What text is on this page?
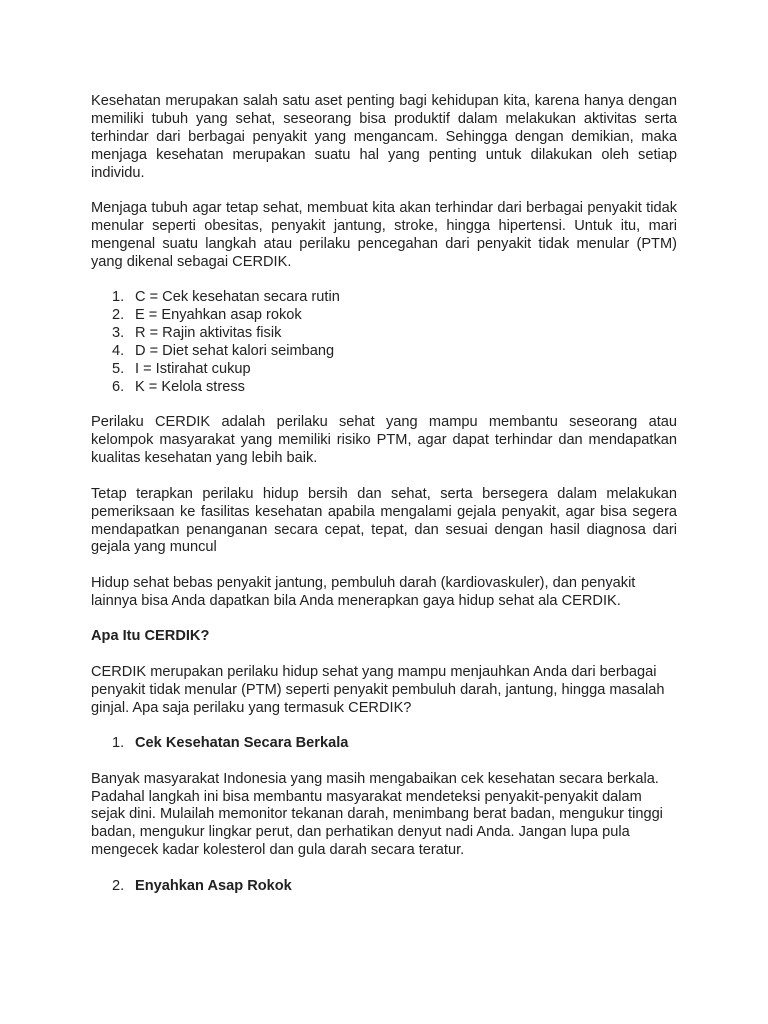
Kesehatan merupakan salah satu aset penting bagi kehidupan kita, karena hanya dengan memiliki tubuh yang sehat, seseorang bisa produktif dalam melakukan aktivitas serta terhindar dari berbagai penyakit yang mengancam. Sehingga dengan demikian, maka menjaga kesehatan merupakan suatu hal yang penting untuk dilakukan oleh setiap individu.

Menjaga tubuh agar tetap sehat, membuat kita akan terhindar dari berbagai penyakit tidak menular seperti obesitas, penyakit jantung, stroke, hingga hipertensi. Untuk itu, mari mengenal suatu langkah atau perilaku pencegahan dari penyakit tidak menular (PTM) yang dikenal sebagai CERDIK.

1. C = Cek kesehatan secara rutin
2. E = Enyahkan asap rokok
3. R = Rajin aktivitas fisik
4. D = Diet sehat kalori seimbang
5. I = Istirahat cukup
6. K = Kelola stress

Perilaku CERDIK adalah perilaku sehat yang mampu membantu seseorang atau kelompok masyarakat yang memiliki risiko PTM, agar dapat terhindar dan mendapatkan kualitas kesehatan yang lebih baik.

Tetap terapkan perilaku hidup bersih dan sehat, serta bersegera dalam melakukan pemeriksaan ke fasilitas kesehatan apabila mengalami gejala penyakit, agar bisa segera mendapatkan penanganan secara cepat, tepat, dan sesuai dengan hasil diagnosa dari gejala yang muncul

Hidup sehat bebas penyakit jantung, pembuluh darah (kardiovaskuler), dan penyakit lainnya bisa Anda dapatkan bila Anda menerapkan gaya hidup sehat ala CERDIK.

Apa Itu CERDIK?

CERDIK merupakan perilaku hidup sehat yang mampu menjauhkan Anda dari berbagai penyakit tidak menular (PTM) seperti penyakit pembuluh darah, jantung, hingga masalah ginjal. Apa saja perilaku yang termasuk CERDIK?

1. Cek Kesehatan Secara Berkala

Banyak masyarakat Indonesia yang masih mengabaikan cek kesehatan secara berkala. Padahal langkah ini bisa membantu masyarakat mendeteksi penyakit-penyakit dalam sejak dini. Mulailah memonitor tekanan darah, menimbang berat badan, mengukur tinggi badan, mengukur lingkar perut, dan perhatikan denyut nadi Anda. Jangan lupa pula mengecek kadar kolesterol dan gula darah secara teratur.

2. Enyahkan Asap Rokok
